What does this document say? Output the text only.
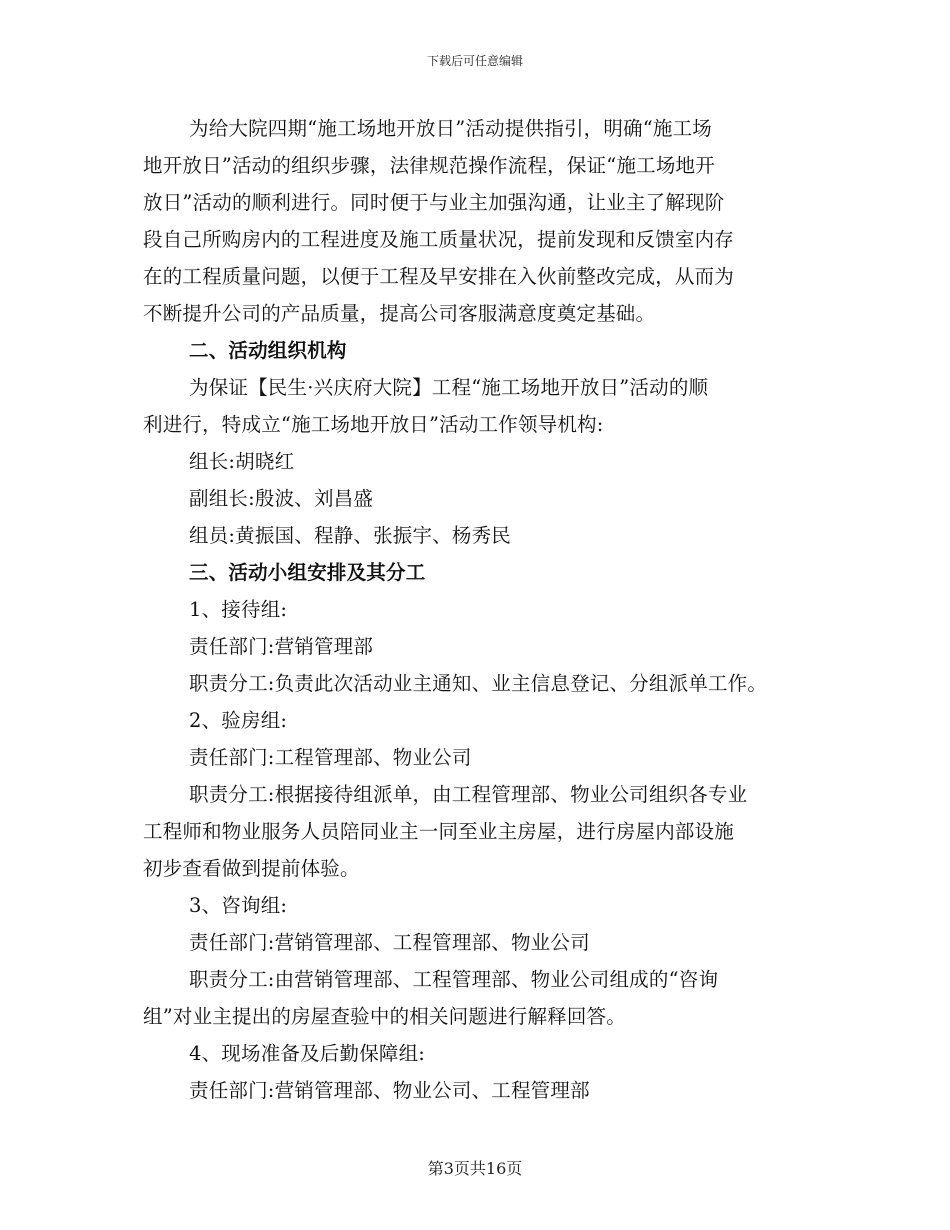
下载后可任意编辑
为给大院四期“施工场地开放日”活动提供指引，明确“施工场
地开放日”活动的组织步骤，法律规范操作流程，保证“施工场地开
放日”活动的顺利进行。同时便于与业主加强沟通，让业主了解现阶
段自己所购房内的工程进度及施工质量状况，提前发现和反馈室内存
在的工程质量问题，以便于工程及早安排在入伙前整改完成，从而为
不断提升公司的产品质量，提高公司客服满意度奠定基础。
二、活动组织机构
为保证【民生·兴庆府大院】工程“施工场地开放日”活动的顺
利进行，特成立“施工场地开放日”活动工作领导机构:
组长:胡晓红
副组长:殷波、刘昌盛
组员:黄振国、程静、张振宇、杨秀民
三、活动小组安排及其分工
1、接待组:
责任部门:营销管理部
职责分工:负责此次活动业主通知、业主信息登记、分组派单工作。
2、验房组:
责任部门:工程管理部、物业公司
职责分工:根据接待组派单，由工程管理部、物业公司组织各专业
工程师和物业服务人员陪同业主一同至业主房屋，进行房屋内部设施
初步查看做到提前体验。
3、咨询组:
责任部门:营销管理部、工程管理部、物业公司
职责分工:由营销管理部、工程管理部、物业公司组成的“咨询
组”对业主提出的房屋查验中的相关问题进行解释回答。
4、现场准备及后勤保障组:
责任部门:营销管理部、物业公司、工程管理部
第3页共16页
